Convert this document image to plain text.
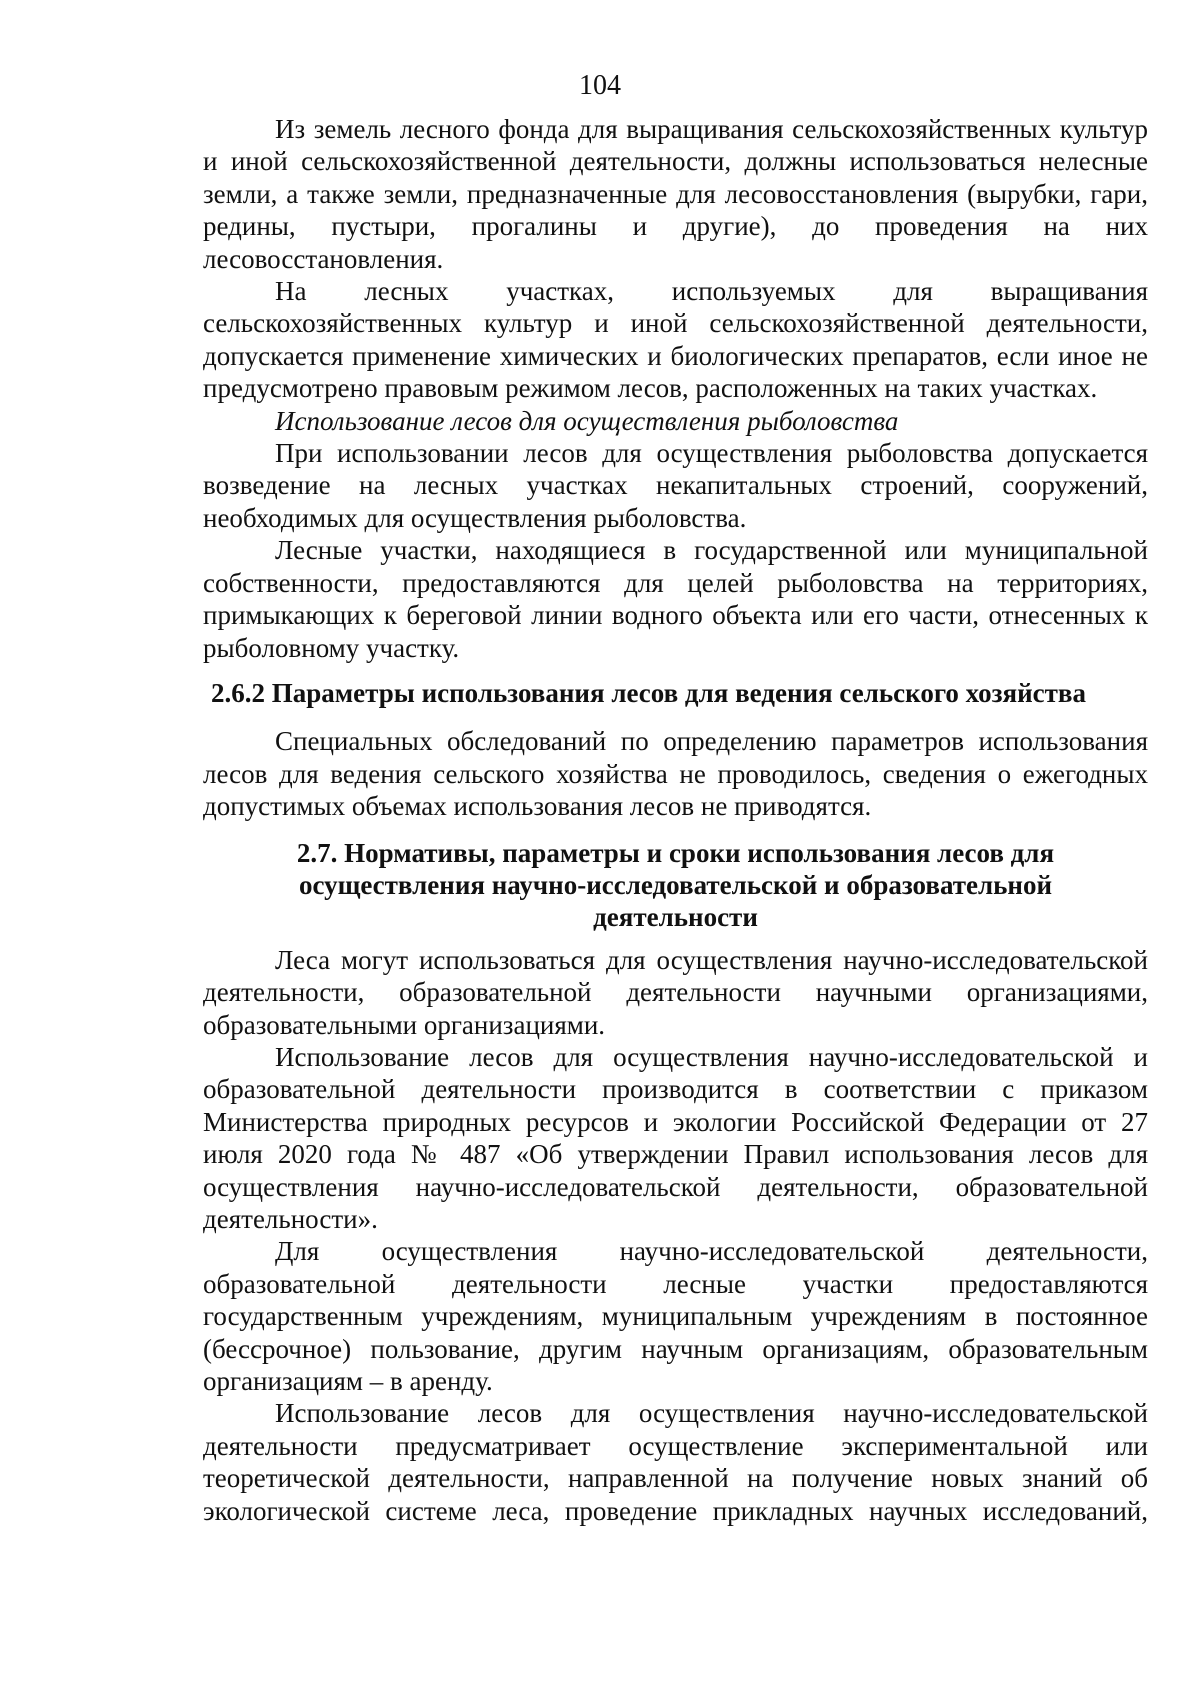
104

Из земель лесного фонда для выращивания сельскохозяйственных культур и иной сельскохозяйственной деятельности, должны использоваться нелесные земли, а также земли, предназначенные для лесовосстановления (вырубки, гари, редины, пустыри, прогалины и другие), до проведения на них лесовосстановления.

На лесных участках, используемых для выращивания сельскохозяйственных культур и иной сельскохозяйственной деятельности, допускается применение химических и биологических препаратов, если иное не предусмотрено правовым режимом лесов, расположенных на таких участках.

Использование лесов для осуществления рыболовства

При использовании лесов для осуществления рыболовства допускается возведение на лесных участках некапитальных строений, сооружений, необходимых для осуществления рыболовства.

Лесные участки, находящиеся в государственной или муниципальной собственности, предоставляются для целей рыболовства на территориях, примыкающих к береговой линии водного объекта или его части, отнесенных к рыболовному участку.

2.6.2 Параметры использования лесов для ведения сельского хозяйства

Специальных обследований по определению параметров использования лесов для ведения сельского хозяйства не проводилось, сведения о ежегодных допустимых объемах использования лесов не приводятся.

2.7. Нормативы, параметры и сроки использования лесов для осуществления научно-исследовательской и образовательной деятельности

Леса могут использоваться для осуществления научно-исследовательской деятельности, образовательной деятельности научными организациями, образовательными организациями.

Использование лесов для осуществления научно-исследовательской и образовательной деятельности производится в соответствии с приказом Министерства природных ресурсов и экологии Российской Федерации от 27 июля 2020 года № 487 «Об утверждении Правил использования лесов для осуществления научно-исследовательской деятельности, образовательной деятельности».

Для осуществления научно-исследовательской деятельности, образовательной деятельности лесные участки предоставляются государственным учреждениям, муниципальным учреждениям в постоянное (бессрочное) пользование, другим научным организациям, образовательным организациям – в аренду.

Использование лесов для осуществления научно-исследовательской деятельности предусматривает осуществление экспериментальной или теоретической деятельности, направленной на получение новых знаний об экологической системе леса, проведение прикладных научных исследований,
